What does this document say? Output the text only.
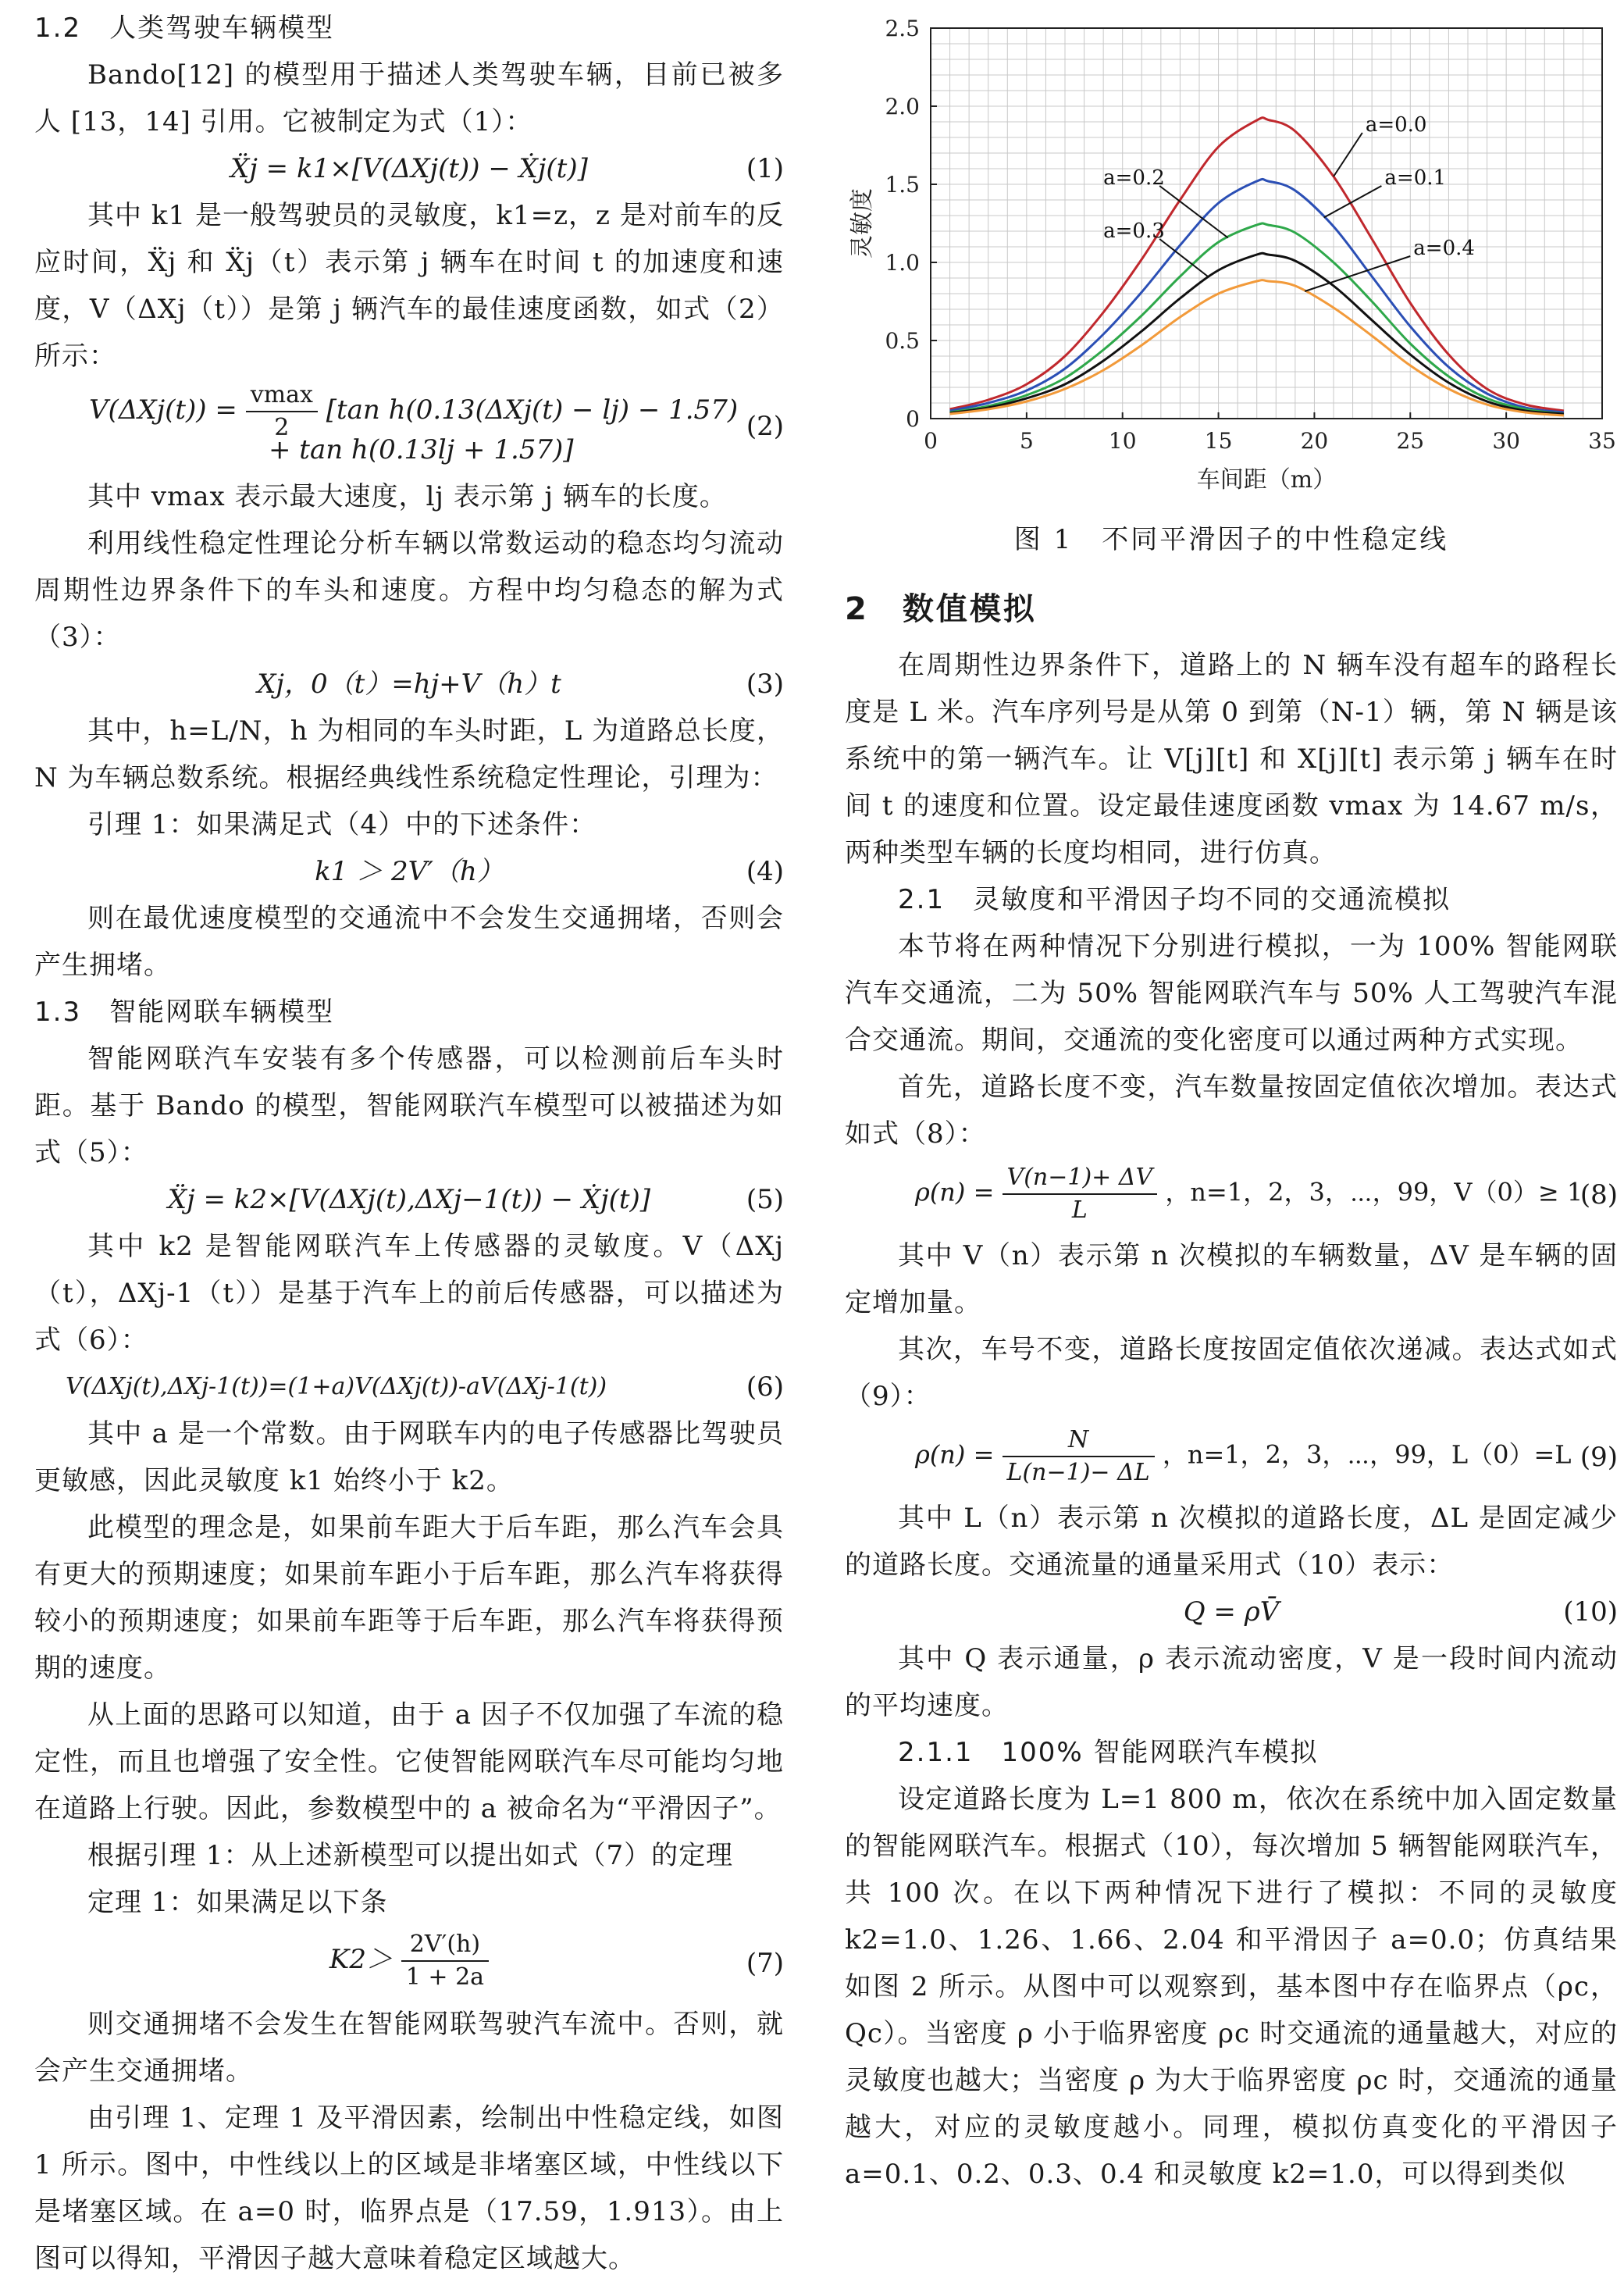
1.2　人类驾驶车辆模型

Bando[12] 的模型用于描述人类驾驶车辆，目前已被多人 [13，14] 引用。它被制定为式（1）：

Ẍj = k1×[V(ΔXj(t)) − Ẋj(t)]	(1)

其中 k1 是一般驾驶员的灵敏度，k1=z，z 是对前车的反应时间，Ẍj 和 Ẍj（t）表示第 j 辆车在时间 t 的加速度和速度，V（ΔXj（t））是第 j 辆汽车的最佳速度函数，如式（2）所示：

$V(\Delta Xj(t)) = \frac{vmax}{2} [\tan$ h(0.13(ΔXj(t) − lj) − 1.57)
+ tan h(0.13lj + 1.57)]
(2)

其中 vmax 表示最大速度，lj 表示第 j 辆车的长度。

利用线性稳定性理论分析车辆以常数运动的稳态均匀流动周期性边界条件下的车头和速度。方程中均匀稳态的解为式（3）：

Xj，0（t）=hj+V（h）t	(3)

其中，h=L/N，h 为相同的车头时距，L 为道路总长度，N 为车辆总数系统。根据经典线性系统稳定性理论，引理为：

引理 1：如果满足式（4）中的下述条件：

k1 ＞ 2V′（h）	(4)

则在最优速度模型的交通流中不会发生交通拥堵，否则会产生拥堵。

1.3　智能网联车辆模型

智能网联汽车安装有多个传感器，可以检测前后车头时距。基于 Bando 的模型，智能网联汽车模型可以被描述为如式（5）：

Ẍj = k2×[V(ΔXj(t),ΔXj−1(t)) − Ẋj(t)]	(5)

其中 k2 是智能网联汽车上传感器的灵敏度。V（ΔXj（t），ΔXj-1（t））是基于汽车上的前后传感器，可以描述为式（6）：

V(ΔXj(t),ΔXj-1(t))=(1+a)V(ΔXj(t))-aV(ΔXj-1(t))	(6)

其中 a 是一个常数。由于网联车内的电子传感器比驾驶员更敏感，因此灵敏度 k1 始终小于 k2。

此模型的理念是，如果前车距大于后车距，那么汽车会具有更大的预期速度；如果前车距小于后车距，那么汽车将获得较小的预期速度；如果前车距等于后车距，那么汽车将获得预期的速度。

从上面的思路可以知道，由于 a 因子不仅加强了车流的稳定性，而且也增强了安全性。它使智能网联汽车尽可能均匀地在道路上行驶。因此，参数模型中的 a 被命名为“平滑因子”。

根据引理 1：从上述新模型可以提出如式（7）的定理

定理 1：如果满足以下条

$K2> \frac{2V'(h)}{1 + 2a}$	(7)

则交通拥堵不会发生在智能网联驾驶汽车流中。否则，就会产生交通拥堵。

由引理 1、定理 1 及平滑因素，绘制出中性稳定线，如图 1 所示。图中，中性线以上的区域是非堵塞区域，中性线以下是堵塞区域。在 a=0 时，临界点是（17.59，1.913）。由上图可以得知，平滑因子越大意味着稳定区域越大。

0	5	10	15	20	25	30	35
0
0.5
1.0
1.5
2.0
2.5
车间距（m）
灵敏度
a=0.0
a=0.1
a=0.2
a=0.3
a=0.4

图 1　不同平滑因子的中性稳定线

2　数值模拟

在周期性边界条件下，道路上的 N 辆车没有超车的路程长度是 L 米。汽车序列号是从第 0 到第（N-1）辆，第 N 辆是该系统中的第一辆汽车。让 V[j][t] 和 X[j][t] 表示第 j 辆车在时间 t 的速度和位置。设定最佳速度函数 vmax 为 14.67 m/s，两种类型车辆的长度均相同，进行仿真。

2.1　灵敏度和平滑因子均不同的交通流模拟

本节将在两种情况下分别进行模拟，一为 100% 智能网联汽车交通流，二为 50% 智能网联汽车与 50% 人工驾驶汽车混合交通流。期间，交通流的变化密度可以通过两种方式实现。

首先，道路长度不变，汽车数量按固定值依次增加。表达式如式（8）：

$\rho(n) = \frac{V(n-1)+ \Delta V}{L}$ ，n=1，2，3，⋯，99，V（0）≥ 1
(8)

其中 V（n）表示第 n 次模拟的车辆数量，ΔV 是车辆的固定增加量。

其次，车号不变，道路长度按固定值依次递减。表达式如式（9）：

$\rho(n) = \frac{N}{L(n-1)- \Delta L}$ ，n=1，2，3，⋯，99，L（0）=L (9)

其中 L（n）表示第 n 次模拟的道路长度，ΔL 是固定减少的道路长度。交通流量的通量采用式（10）表示：

Q = ρV̄	(10)

其中 Q 表示通量，ρ 表示流动密度，V 是一段时间内流动的平均速度。

2.1.1　100% 智能网联汽车模拟

设定道路长度为 L=1 800 m，依次在系统中加入固定数量的智能网联汽车。根据式（10），每次增加 5 辆智能网联汽车，共 100 次。在以下两种情况下进行了模拟：不同的灵敏度 k2=1.0、1.26、1.66、2.04 和平滑因子 a=0.0；仿真结果如图 2 所示。从图中可以观察到，基本图中存在临界点（ρc，Qc）。当密度 ρ 小于临界密度 ρc 时交通流的通量越大，对应的灵敏度也越大；当密度 ρ 为大于临界密度 ρc 时，交通流的通量越大，对应的灵敏度越小。同理，模拟仿真变化的平滑因子 a=0.1、0.2、0.3、0.4 和灵敏度 k2=1.0，可以得到类似
